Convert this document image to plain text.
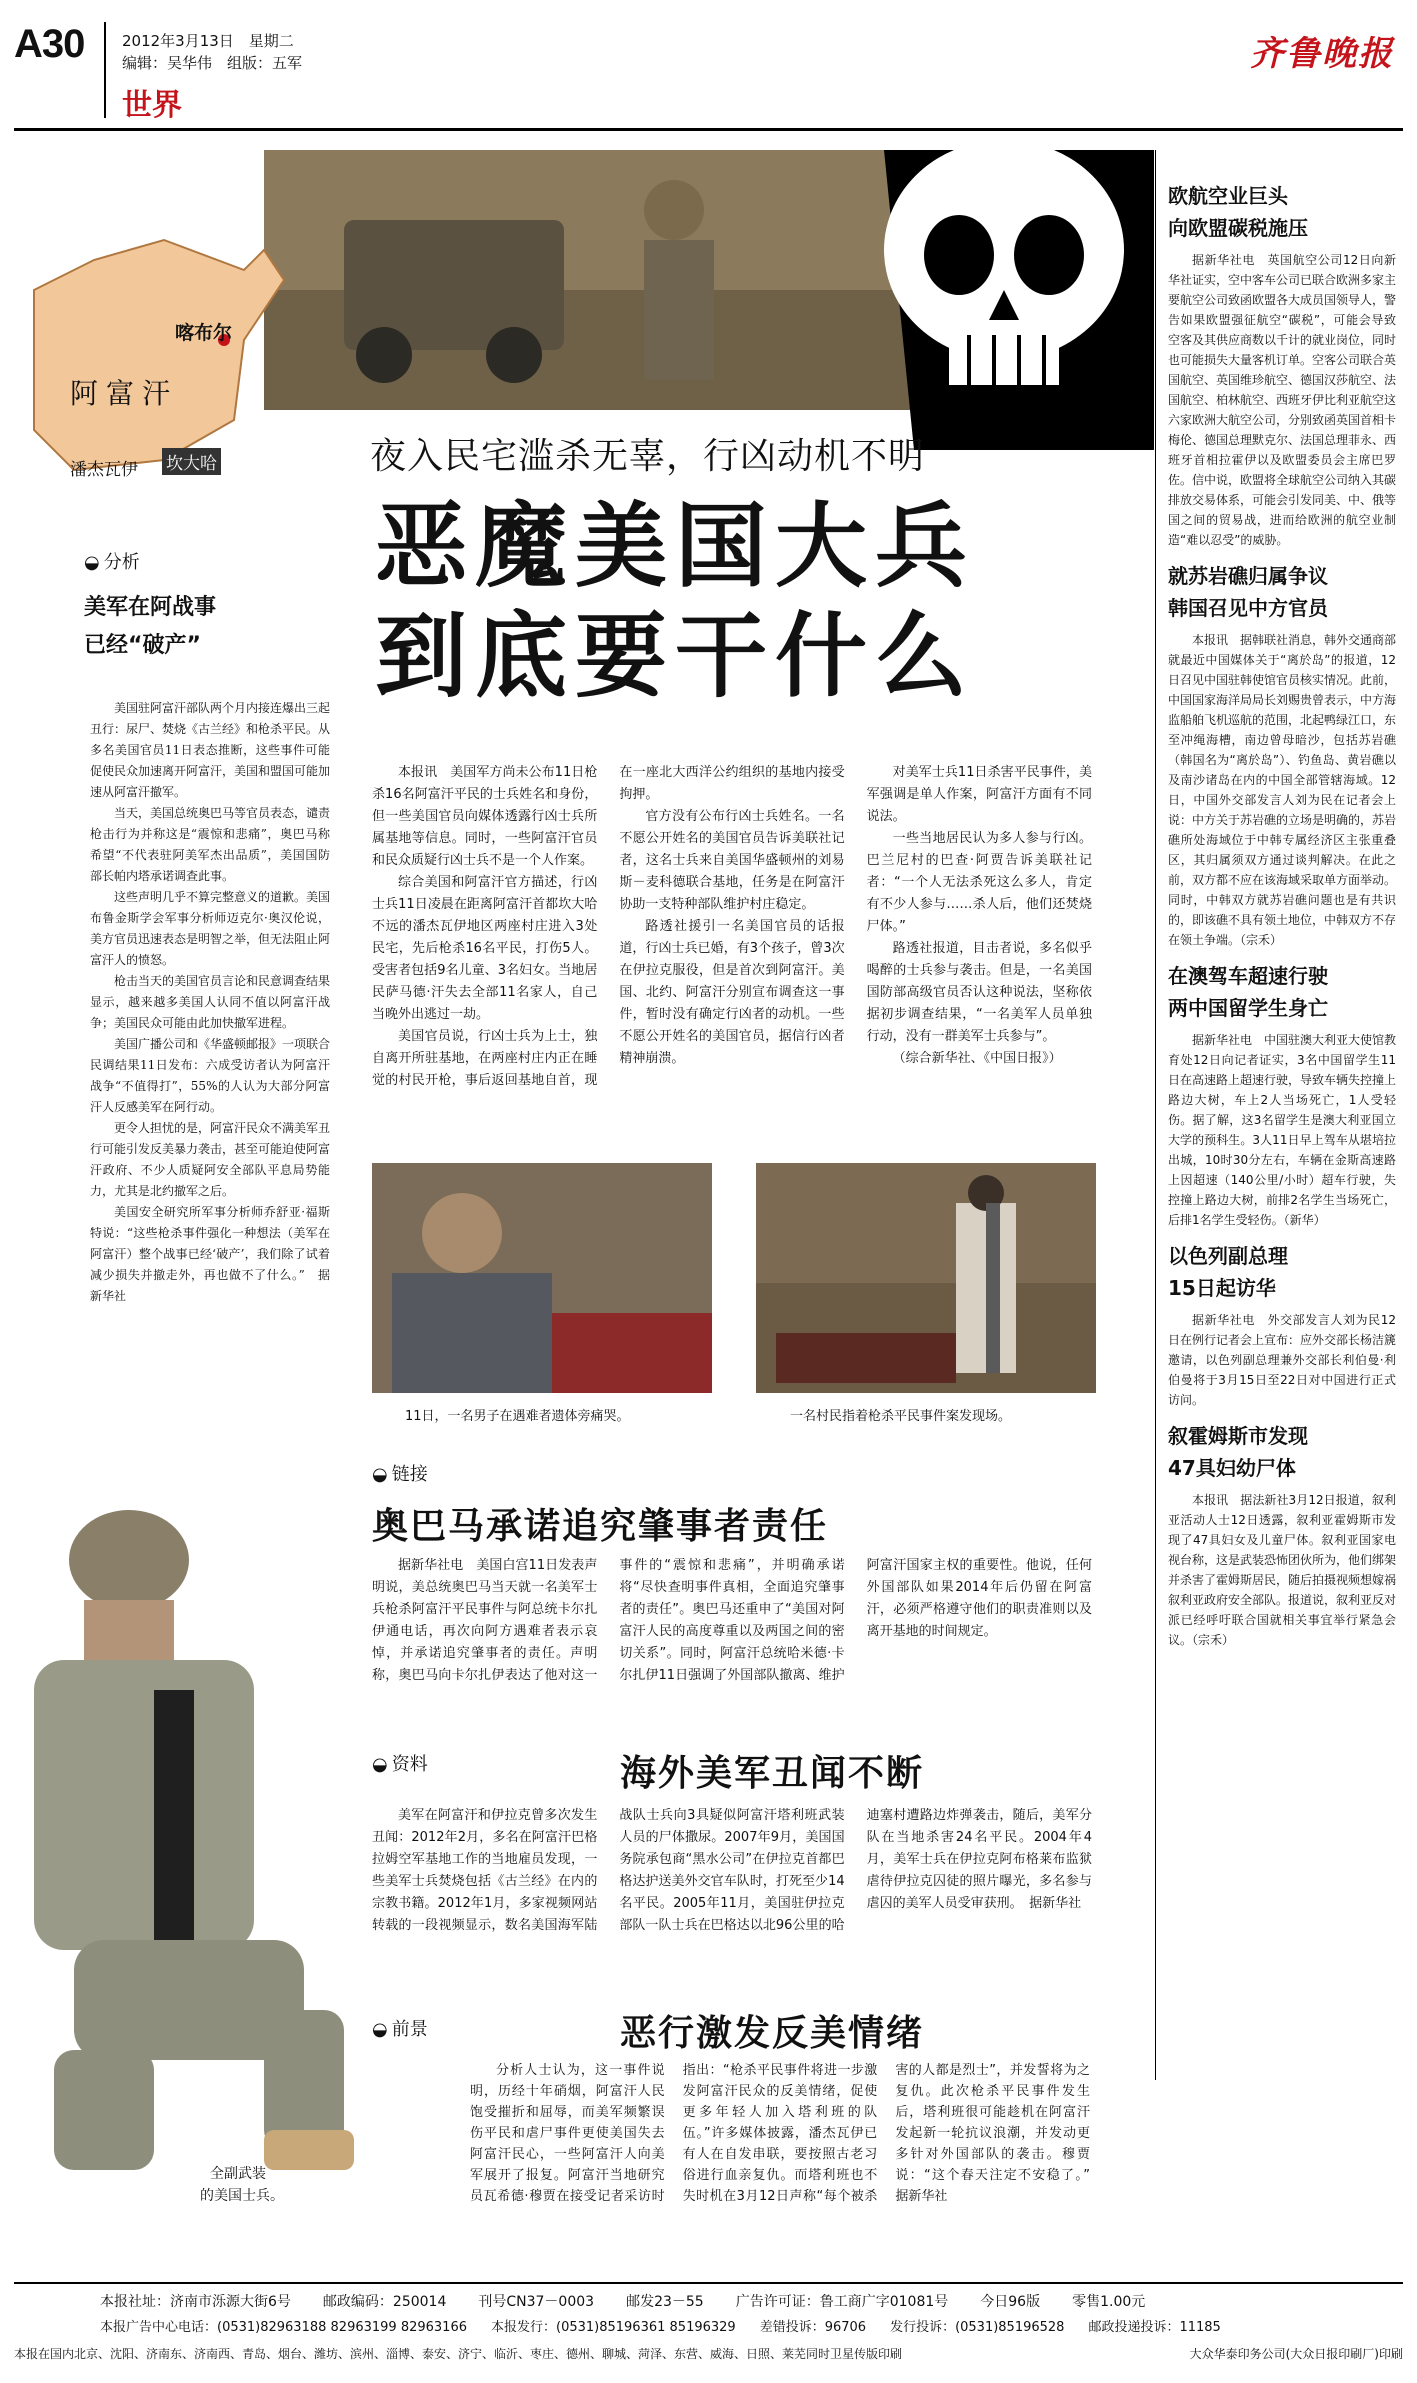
A30	2012年3月13日　星期二
编辑：吴华伟　组版：五军
世界
齐鲁晚报
喀布尔
阿富汗
潘杰瓦伊 坎大哈	夜入民宅滥杀无辜，行凶动机不明
恶魔美国大兵
到底要干什么

本报讯　美国军方尚未公布11日枪杀16名阿富汗平民的士兵姓名和身份，但一些美国官员向媒体透露行凶士兵所属基地等信息。同时，一些阿富汗官员和民众质疑行凶士兵不是一个人作案。

综合美国和阿富汗官方描述，行凶士兵11日凌晨在距离阿富汗首都坎大哈不远的潘杰瓦伊地区两座村庄进入3处民宅，先后枪杀16名平民，打伤5人。受害者包括9名儿童、3名妇女。当地居民萨马德·汗失去全部11名家人，自己当晚外出逃过一劫。

美国官员说，行凶士兵为上士，独自离开所驻基地，在两座村庄内正在睡觉的村民开枪，事后返回基地自首，现在一座北大西洋公约组织的基地内接受拘押。

官方没有公布行凶士兵姓名。一名不愿公开姓名的美国官员告诉美联社记者，这名士兵来自美国华盛顿州的刘易斯－麦科德联合基地，任务是在阿富汗协助一支特种部队维护村庄稳定。

路透社援引一名美国官员的话报道，行凶士兵已婚，有3个孩子，曾3次在伊拉克服役，但是首次到阿富汗。美国、北约、阿富汗分别宣布调查这一事件，暂时没有确定行凶者的动机。一些不愿公开姓名的美国官员，据信行凶者精神崩溃。

对美军士兵11日杀害平民事件，美军强调是单人作案，阿富汗方面有不同说法。

一些当地居民认为多人参与行凶。巴兰尼村的巴查·阿贾告诉美联社记者：“一个人无法杀死这么多人，肯定有不少人参与……杀人后，他们还焚烧尸体。”

路透社报道，目击者说，多名似乎喝醉的士兵参与袭击。但是，一名美国国防部高级官员否认这种说法，坚称依据初步调查结果，“一名美军人员单独行动，没有一群美军士兵参与”。

（综合新华社、《中国日报》）

11日，一名男子在遇难者遗体旁痛哭。	一名村民指着枪杀平民事件案发现场。
◒ 分析
美军在阿战事
已经“破产”

美国驻阿富汗部队两个月内接连爆出三起丑行：尿尸、焚烧《古兰经》和枪杀平民。从多名美国官员11日表态推断，这些事件可能促使民众加速离开阿富汗，美国和盟国可能加速从阿富汗撤军。

当天，美国总统奥巴马等官员表态，谴责枪击行为并称这是“震惊和悲痛”，奥巴马称希望“不代表驻阿美军杰出品质”，美国国防部长帕内塔承诺调查此事。

这些声明几乎不算完整意义的道歉。美国布鲁金斯学会军事分析师迈克尔·奥汉伦说，美方官员迅速表态是明智之举，但无法阻止阿富汗人的愤怒。

枪击当天的美国官员言论和民意调查结果显示，越来越多美国人认同不值以阿富汗战争；美国民众可能由此加快撤军进程。

美国广播公司和《华盛顿邮报》一项联合民调结果11日发布：六成受访者认为阿富汗战争“不值得打”，55%的人认为大部分阿富汗人反感美军在阿行动。

更令人担忧的是，阿富汗民众不满美军丑行可能引发反美暴力袭击，甚至可能迫使阿富汗政府、不少人质疑阿安全部队平息局势能力，尤其是北约撤军之后。

美国安全研究所军事分析师乔舒亚·福斯特说：“这些枪杀事件强化一种想法（美军在阿富汗）整个战事已经‘破产’，我们除了试着减少损失并撤走外，再也做不了什么。”　据新华社

全副武装
的美国士兵。
◒ 链接
奥巴马承诺追究肇事者责任

据新华社电　美国白宫11日发表声明说，美总统奥巴马当天就一名美军士兵枪杀阿富汗平民事件与阿总统卡尔扎伊通电话，再次向阿方遇难者表示哀悼，并承诺追究肇事者的责任。声明称，奥巴马向卡尔扎伊表达了他对这一事件的“震惊和悲痛”，并明确承诺将“尽快查明事件真相，全面追究肇事者的责任”。奥巴马还重申了“美国对阿富汗人民的高度尊重以及两国之间的密切关系”。同时，阿富汗总统哈米德·卡尔扎伊11日强调了外国部队撤离、维护阿富汗国家主权的重要性。他说，任何外国部队如果2014年后仍留在阿富汗，必须严格遵守他们的职责准则以及离开基地的时间规定。

◒ 资料	海外美军丑闻不断

美军在阿富汗和伊拉克曾多次发生丑闻：2012年2月，多名在阿富汗巴格拉姆空军基地工作的当地雇员发现，一些美军士兵焚烧包括《古兰经》在内的宗教书籍。2012年1月，多家视频网站转载的一段视频显示，数名美国海军陆战队士兵向3具疑似阿富汗塔利班武装人员的尸体撒尿。2007年9月，美国国务院承包商“黑水公司”在伊拉克首都巴格达护送美外交官车队时，打死至少14名平民。2005年11月，美国驻伊拉克部队一队士兵在巴格达以北96公里的哈迪塞村遭路边炸弹袭击，随后，美军分队在当地杀害24名平民。2004年4月，美军士兵在伊拉克阿布格莱布监狱虐待伊拉克囚徒的照片曝光，多名参与虐囚的美军人员受审获刑。　据新华社

◒ 前景	恶行激发反美情绪

分析人士认为，这一事件说明，历经十年硝烟，阿富汗人民饱受摧折和屈辱，而美军频繁误伤平民和虐尸事件更使美国失去阿富汗民心，一些阿富汗人向美军展开了报复。阿富汗当地研究员瓦希德·穆贾在接受记者采访时指出：“枪杀平民事件将进一步激发阿富汗民众的反美情绪，促使更多年轻人加入塔利班的队伍。”许多媒体披露，潘杰瓦伊已有人在自发串联，要按照古老习俗进行血亲复仇。而塔利班也不失时机在3月12日声称“每个被杀害的人都是烈士”，并发誓将为之复仇。此次枪杀平民事件发生后，塔利班很可能趁机在阿富汗发起新一轮抗议浪潮，并发动更多针对外国部队的袭击。穆贾说：“这个春天注定不安稳了。”　据新华社

欧航空业巨头
向欧盟碳税施压

据新华社电　英国航空公司12日向新华社证实，空中客车公司已联合欧洲多家主要航空公司致函欧盟各大成员国领导人，警告如果欧盟强征航空“碳税”，可能会导致空客及其供应商数以千计的就业岗位，同时也可能损失大量客机订单。空客公司联合英国航空、英国维珍航空、德国汉莎航空、法国航空、柏林航空、西班牙伊比利亚航空这六家欧洲大航空公司，分别致函英国首相卡梅伦、德国总理默克尔、法国总理菲永、西班牙首相拉霍伊以及欧盟委员会主席巴罗佐。信中说，欧盟将全球航空公司纳入其碳排放交易体系，可能会引发同美、中、俄等国之间的贸易战，进而给欧洲的航空业制造“难以忍受”的威胁。

就苏岩礁归属争议
韩国召见中方官员

本报讯　据韩联社消息，韩外交通商部就最近中国媒体关于“离於岛”的报道，12日召见中国驻韩使馆官员核实情况。此前，中国国家海洋局局长刘赐贵曾表示，中方海监船舶飞机巡航的范围，北起鸭绿江口，东至冲绳海槽，南边曾母暗沙，包括苏岩礁（韩国名为“离於岛”）、钓鱼岛、黄岩礁以及南沙诸岛在内的中国全部管辖海域。12日，中国外交部发言人刘为民在记者会上说：中方关于苏岩礁的立场是明确的，苏岩礁所处海域位于中韩专属经济区主张重叠区，其归属须双方通过谈判解决。在此之前，双方都不应在该海域采取单方面举动。同时，中韩双方就苏岩礁问题也是有共识的，即该礁不具有领土地位，中韩双方不存在领土争端。（宗禾）

在澳驾车超速行驶
两中国留学生身亡

据新华社电　中国驻澳大利亚大使馆教育处12日向记者证实，3名中国留学生11日在高速路上超速行驶，导致车辆失控撞上路边大树，车上2人当场死亡，1人受轻伤。据了解，这3名留学生是澳大利亚国立大学的预科生。3人11日早上驾车从堪培拉出城，10时30分左右，车辆在金斯高速路上因超速（140公里/小时）超车行驶，失控撞上路边大树，前排2名学生当场死亡，后排1名学生受轻伤。（新华）

以色列副总理
15日起访华

据新华社电　外交部发言人刘为民12日在例行记者会上宣布：应外交部长杨洁篪邀请，以色列副总理兼外交部长利伯曼·利伯曼将于3月15日至22日对中国进行正式访问。

叙霍姆斯市发现
47具妇幼尸体

本报讯　据法新社3月12日报道，叙利亚活动人士12日透露，叙利亚霍姆斯市发现了47具妇女及儿童尸体。叙利亚国家电视台称，这是武装恐怖团伙所为，他们绑架并杀害了霍姆斯居民，随后拍摄视频想嫁祸叙利亚政府安全部队。报道说，叙利亚反对派已经呼吁联合国就相关事宜举行紧急会议。（宗禾）

本报社址：济南市泺源大街6号 邮政编码：250014 刊号CN37－0003 邮发23－55 广告许可证：鲁工商广字01081号 今日96版 零售1.00元
本报广告中心电话：(0531)82963188 82963199 82963166 本报发行：(0531)85196361 85196329 差错投诉：96706 发行投诉：(0531)85196528 邮政投递投诉：11185
本报在国内北京、沈阳、济南东、济南西、青岛、烟台、潍坊、滨州、淄博、泰安、济宁、临沂、枣庄、德州、聊城、菏泽、东营、威海、日照、莱芜同时卫星传版印刷	大众华泰印务公司(大众日报印刷厂)印刷
